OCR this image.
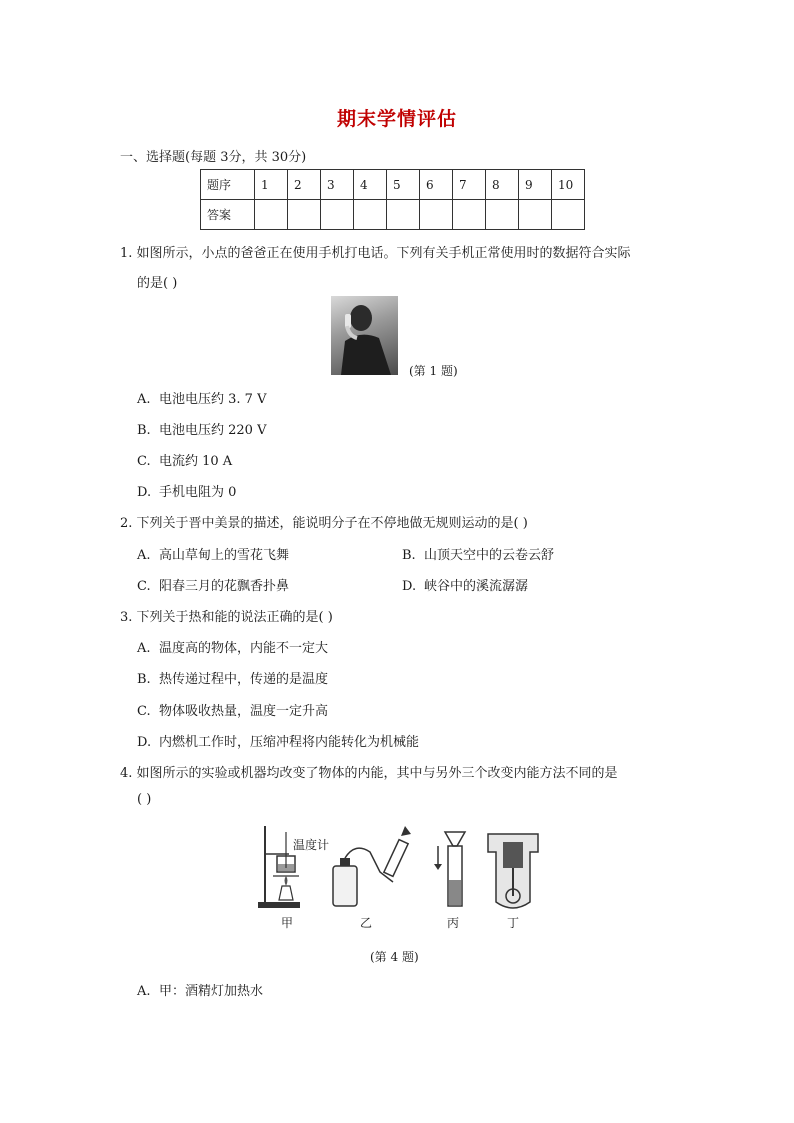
期末学情评估
一、选择题(每题 3分，共 30分)
题序	1	2	3	4	5	6	7	8	9	10
答案										
1. 如图所示，小点的爸爸正在使用手机打电话。下列有关手机正常使用时的数据符合实际
的是( )
(第 1 题)
A. 电池电压约 3. 7 V
B. 电池电压约 220 V
C. 电流约 10 A
D. 手机电阻为 0
2. 下列关于晋中美景的描述，能说明分子在不停地做无规则运动的是( )
A. 高山草甸上的雪花飞舞	B. 山顶天空中的云卷云舒
C. 阳春三月的花飘香扑鼻	D. 峡谷中的溪流潺潺
3. 下列关于热和能的说法正确的是( )
A. 温度高的物体，内能不一定大
B. 热传递过程中，传递的是温度
C. 物体吸收热量，温度一定升高
D. 内燃机工作时，压缩冲程将内能转化为机械能
4. 如图所示的实验或机器均改变了物体的内能，其中与另外三个改变内能方法不同的是
( )
温度计
甲	乙	丙	丁
(第 4 题)
A. 甲：酒精灯加热水
